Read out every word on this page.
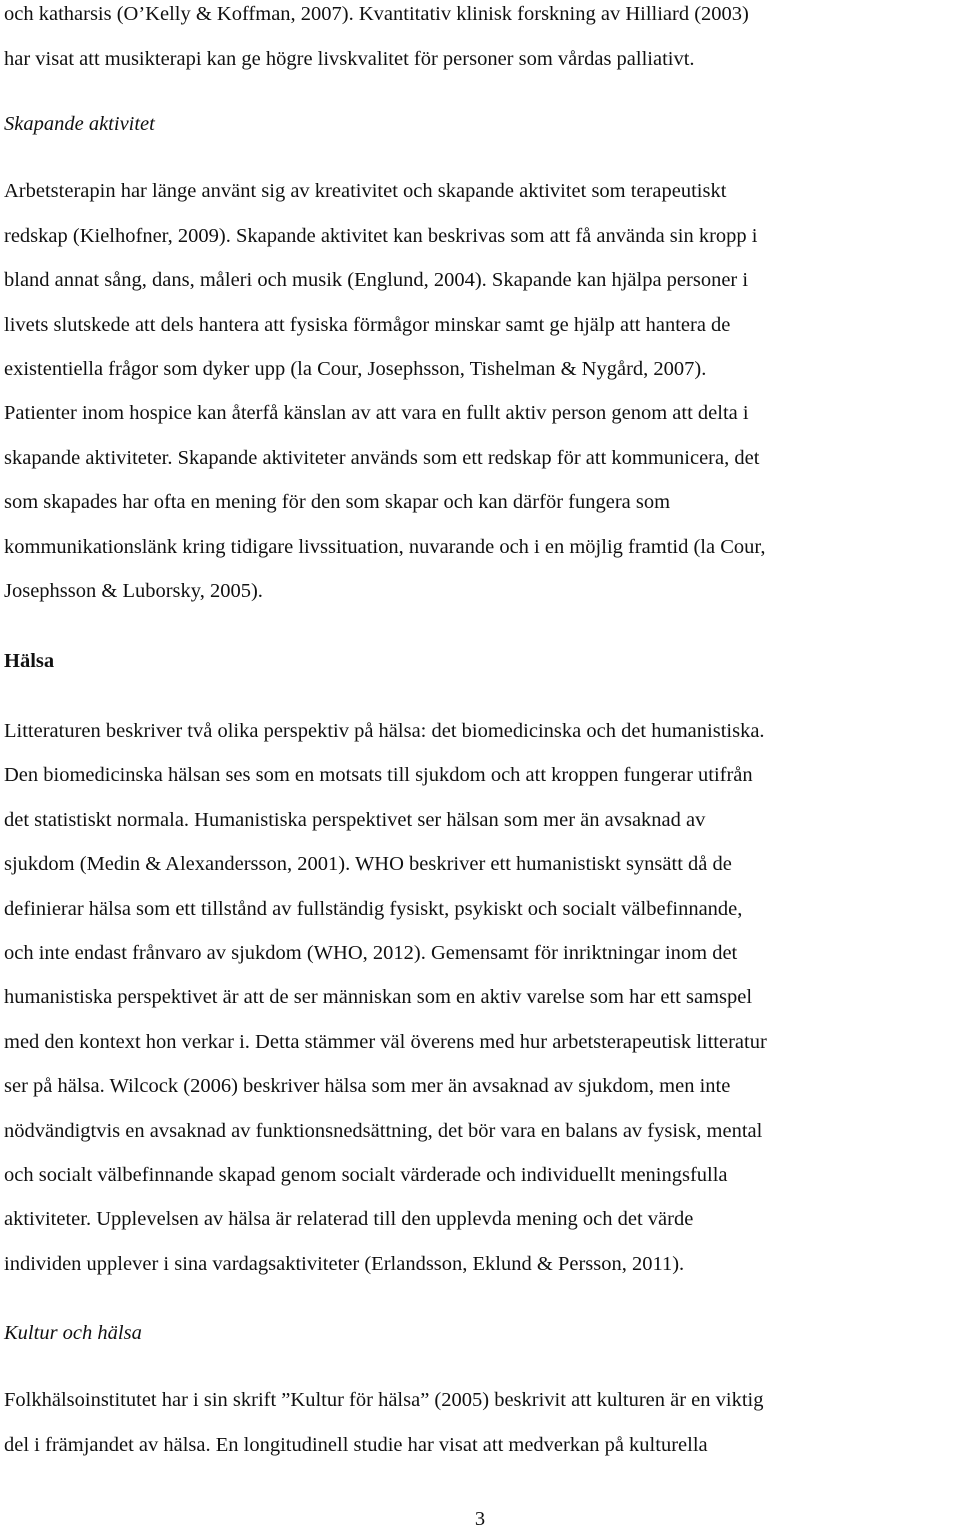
och katharsis (O’Kelly & Koffman, 2007). Kvantitativ klinisk forskning av Hilliard (2003)
har visat att musikterapi kan ge högre livskvalitet för personer som vårdas palliativt.
Skapande aktivitet
Arbetsterapin har länge använt sig av kreativitet och skapande aktivitet som terapeutiskt
redskap (Kielhofner, 2009). Skapande aktivitet kan beskrivas som att få använda sin kropp i
bland annat sång, dans, måleri och musik (Englund, 2004). Skapande kan hjälpa personer i
livets slutskede att dels hantera att fysiska förmågor minskar samt ge hjälp att hantera de
existentiella frågor som dyker upp (la Cour, Josephsson, Tishelman & Nygård, 2007).
Patienter inom hospice kan återfå känslan av att vara en fullt aktiv person genom att delta i
skapande aktiviteter. Skapande aktiviteter används som ett redskap för att kommunicera, det
som skapades har ofta en mening för den som skapar och kan därför fungera som
kommunikationslänk kring tidigare livssituation, nuvarande och i en möjlig framtid (la Cour,
Josephsson & Luborsky, 2005).
Hälsa
Litteraturen beskriver två olika perspektiv på hälsa: det biomedicinska och det humanistiska.
Den biomedicinska hälsan ses som en motsats till sjukdom och att kroppen fungerar utifrån
det statistiskt normala. Humanistiska perspektivet ser hälsan som mer än avsaknad av
sjukdom (Medin & Alexandersson, 2001). WHO beskriver ett humanistiskt synsätt då de
definierar hälsa som ett tillstånd av fullständig fysiskt, psykiskt och socialt välbefinnande,
och inte endast frånvaro av sjukdom (WHO, 2012). Gemensamt för inriktningar inom det
humanistiska perspektivet är att de ser människan som en aktiv varelse som har ett samspel
med den kontext hon verkar i. Detta stämmer väl överens med hur arbetsterapeutisk litteratur
ser på hälsa. Wilcock (2006) beskriver hälsa som mer än avsaknad av sjukdom, men inte
nödvändigtvis en avsaknad av funktionsnedsättning, det bör vara en balans av fysisk, mental
och socialt välbefinnande skapad genom socialt värderade och individuellt meningsfulla
aktiviteter. Upplevelsen av hälsa är relaterad till den upplevda mening och det värde
individen upplever i sina vardagsaktiviteter (Erlandsson, Eklund & Persson, 2011).
Kultur och hälsa
Folkhälsoinstitutet har i sin skrift ”Kultur för hälsa” (2005) beskrivit att kulturen är en viktig
del i främjandet av hälsa. En longitudinell studie har visat att medverkan på kulturella
3
